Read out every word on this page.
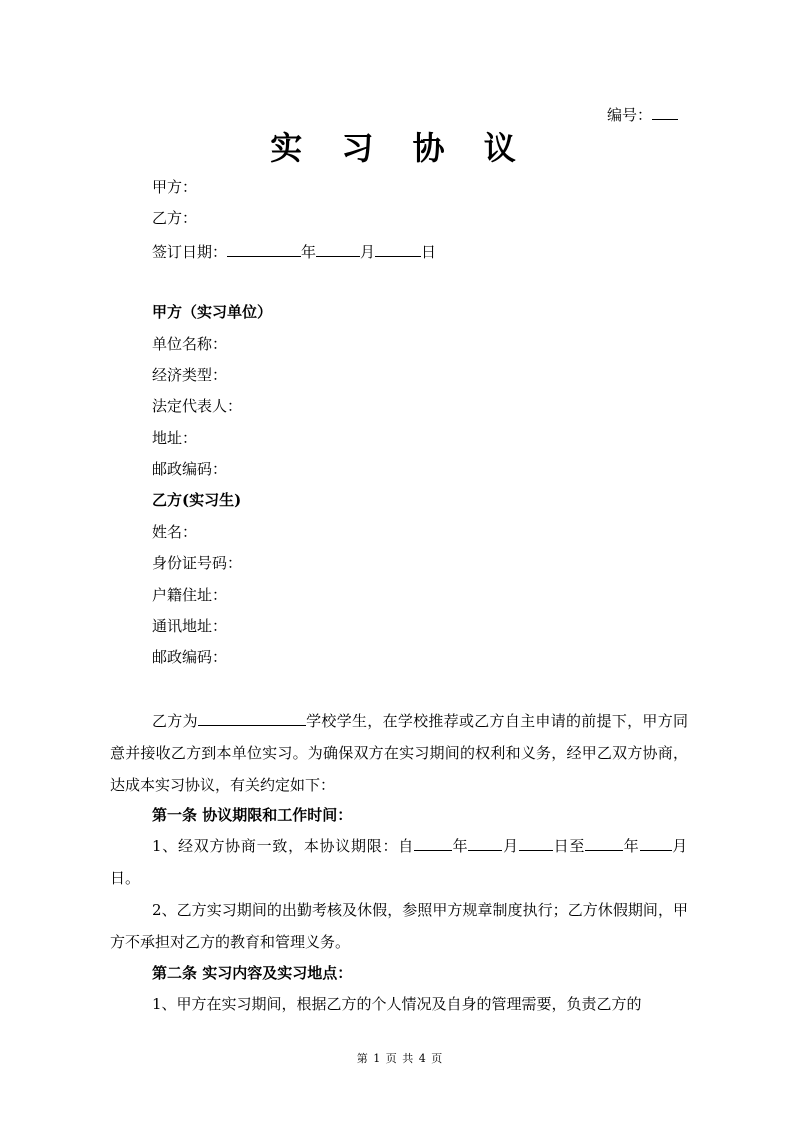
编号：
实 习 协 议
甲方：
乙方：
签订日期：	年	月	日
甲方（实习单位）
单位名称：
经济类型：
法定代表人：
地址：
邮政编码：
乙方(实习生)
姓名：
身份证号码：
户籍住址：
通讯地址：
邮政编码：
乙方为	学校学生，在学校推荐或乙方自主申请的前提下，甲方同意并接收乙方到本单位实习。为确保双方在实习期间的权利和义务，经甲乙双方协商，达成本实习协议，有关约定如下：
第一条 协议期限和工作时间：
1、经双方协商一致，本协议期限：自	年 月 日至	年 月日。
2、乙方实习期间的出勤考核及休假，参照甲方规章制度执行；乙方休假期间，甲方不承担对乙方的教育和管理义务。
第二条 实习内容及实习地点：
1、甲方在实习期间，根据乙方的个人情况及自身的管理需要，负责乙方的
第 1 页 共 4 页
